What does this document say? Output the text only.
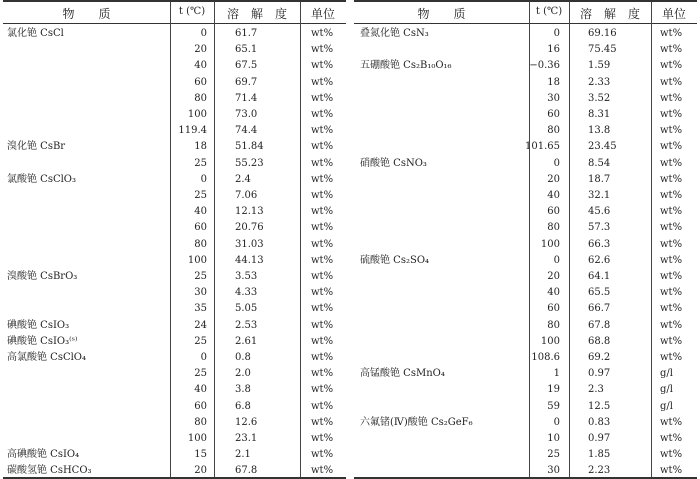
物　　质	t (℃)	溶　解　度	单位
氯化铯 CsCl	0	61.7	wt%
20	65.1	wt%
40	67.5	wt%
60	69.7	wt%
80	71.4	wt%
100	73.0	wt%
119.4	74.4	wt%
溴化铯 CsBr	18	51.84	wt%
25	55.23	wt%
氯酸铯 CsClO₃	0	2.4	wt%
25	7.06	wt%
40	12.13	wt%
60	20.76	wt%
80	31.03	wt%
100	44.13	wt%
溴酸铯 CsBrO₃	25	3.53	wt%
30	4.33	wt%
35	5.05	wt%
碘酸铯 CsIO₃	24	2.53	wt%
碘酸铯 CsIO₃⁽ˢ⁾	25	2.61	wt%
高氯酸铯 CsClO₄	0	0.8	wt%
25	2.0	wt%
40	3.8	wt%
60	6.8	wt%
80	12.6	wt%
100	23.1	wt%
高碘酸铯 CsIO₄	15	2.1	wt%
碳酸氢铯 CsHCO₃	20	67.8	wt%
物　　质	t (℃)	溶　解　度	单位
叠氮化铯 CsN₃	0	69.16	wt%
16	75.45	wt%
五硼酸铯 Cs₂B₁₀O₁₆	−0.36	1.59	wt%
18	2.33	wt%
30	3.52	wt%
60	8.31	wt%
80	13.8	wt%
101.65	23.45	wt%
硝酸铯 CsNO₃	0	8.54	wt%
20	18.7	wt%
40	32.1	wt%
60	45.6	wt%
80	57.3	wt%
100	66.3	wt%
硫酸铯 Cs₂SO₄	0	62.6	wt%
20	64.1	wt%
40	65.5	wt%
60	66.7	wt%
80	67.8	wt%
100	68.8	wt%
108.6	69.2	wt%
高锰酸铯 CsMnO₄	1	0.97	g/l
19	2.3	g/l
59	12.5	g/l
六氟锗(Ⅳ)酸铯 Cs₂GeF₆	0	0.83	wt%
10	0.97	wt%
25	1.85	wt%
30	2.23	wt%
